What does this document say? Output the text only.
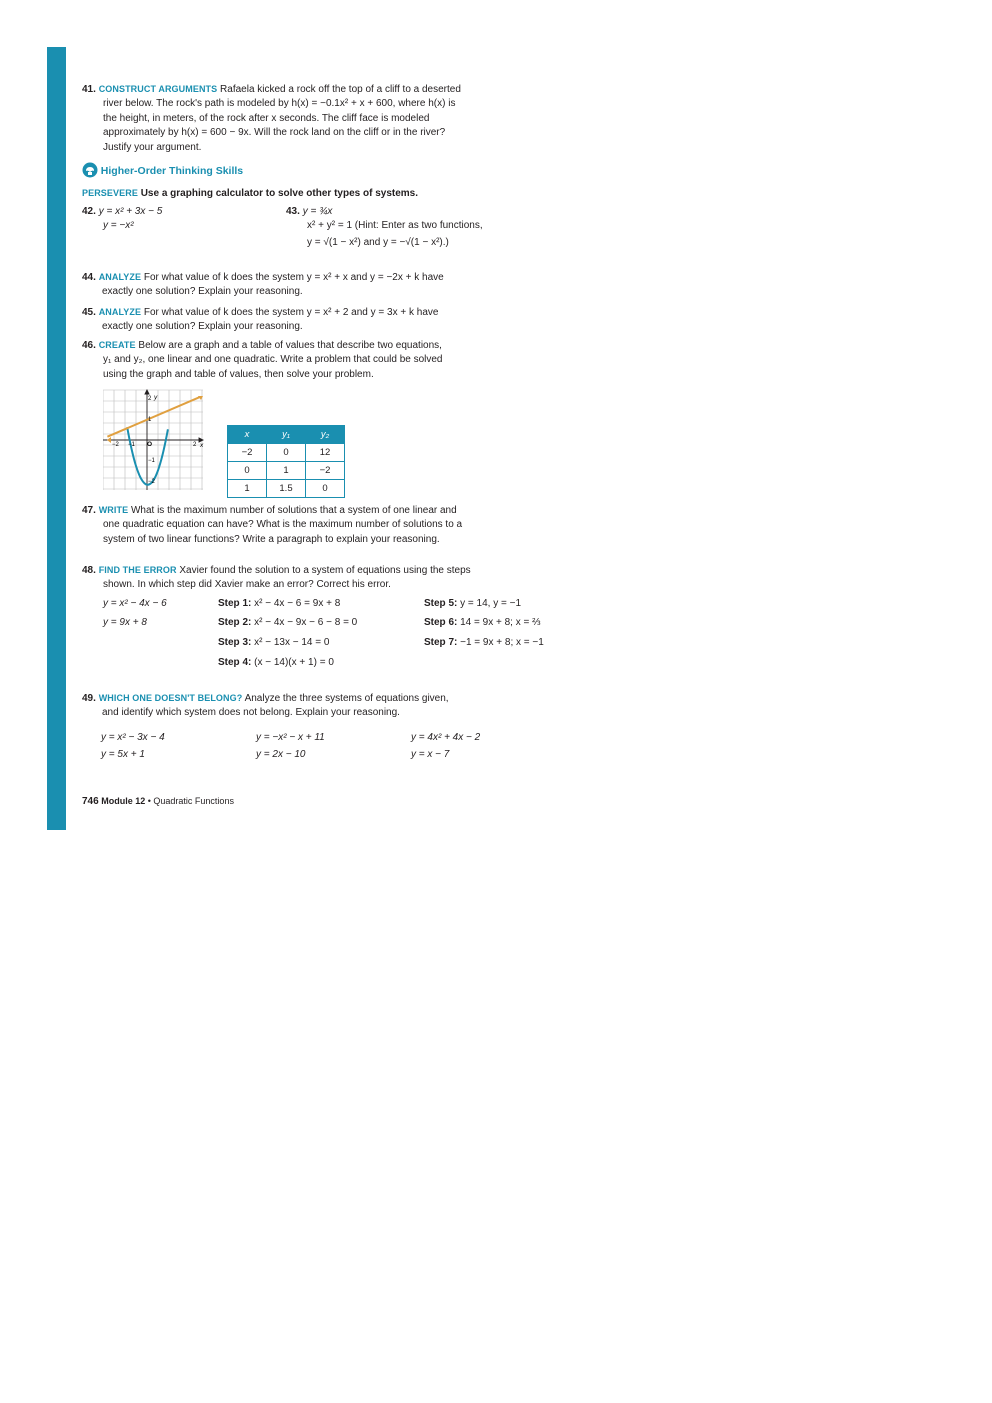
41. CONSTRUCT ARGUMENTS Rafaela kicked a rock off the top of a cliff to a deserted
river below. The rock's path is modeled by h(x) = −0.1x² + x + 600, where h(x) is
the height, in meters, of the rock after x seconds. The cliff face is modeled
approximately by h(x) = 600 − 9x. Will the rock land on the cliff or in the river?
Justify your argument.
Higher-Order Thinking Skills
PERSEVERE Use a graphing calculator to solve other types of systems.
42. y = x² + 3x − 5
y = −x²
43. y = ¾x
x² + y² = 1 (Hint: Enter as two functions,
y = √(1 − x²) and y = −√(1 − x²).)
44. ANALYZE For what value of k does the system y = x² + x and y = −2x + k have
exactly one solution? Explain your reasoning.
45. ANALYZE For what value of k does the system y = x² + 2 and y = 3x + k have
exactly one solution? Explain your reasoning.
46. CREATE Below are a graph and a table of values that describe two equations,
y₁ and y₂, one linear and one quadratic. Write a problem that could be solved
using the graph and table of values, then solve your problem.
y
x
−2 −1 O	2
2
1
−1
−2
x	y₁	y₂
−2	0	12
0	1	−2
1	1.5	0
47. WRITE What is the maximum number of solutions that a system of one linear and
one quadratic equation can have? What is the maximum number of solutions to a
system of two linear functions? Write a paragraph to explain your reasoning.
48. FIND THE ERROR Xavier found the solution to a system of equations using the steps
shown. In which step did Xavier make an error? Correct his error.
y = x² − 4x − 6
y = 9x + 8
Step 1: x² − 4x − 6 = 9x + 8
Step 2: x² − 4x − 9x − 6 − 8 = 0
Step 3: x² − 13x − 14 = 0
Step 4: (x − 14)(x + 1) = 0
Step 5: y = 14, y = −1
Step 6: 14 = 9x + 8; x = ⅔
Step 7: −1 = 9x + 8; x = −1
49. WHICH ONE DOESN'T BELONG? Analyze the three systems of equations given,
and identify which system does not belong. Explain your reasoning.
y = x² − 3x − 4
y = 5x + 1
y = −x² − x + 11
y = 2x − 10
y = 4x² + 4x − 2
y = x − 7
746 Module 12 • Quadratic Functions
